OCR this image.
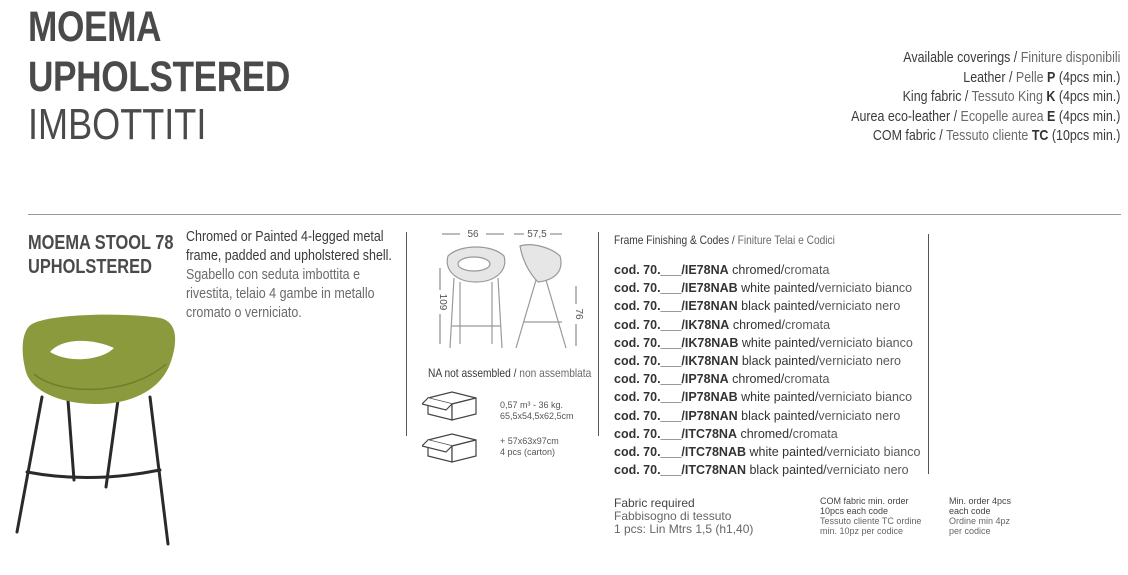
MOEMA
UPHOLSTERED
IMBOTTITI
Available coverings / Finiture disponibili
Leather / Pelle P (4pcs min.)
King fabric / Tessuto King K (4pcs min.)
Aurea eco-leather / Ecopelle aurea E (4pcs min.)
COM fabric / Tessuto cliente TC (10pcs min.)
MOEMA STOOL 78
UPHOLSTERED
Chromed or Painted 4-legged metal frame, padded and upholstered shell.
Sgabello con seduta imbottita e rivestita, telaio 4 gambe in metallo cromato o verniciato.
56	57,5
109
76
NA not assembled / non assemblata
0,57 m³ - 36 kg.
65,5x54,5x62,5cm
+ 57x63x97cm
4 pcs (carton)
Frame Finishing & Codes / Finiture Telai e Codici
cod. 70.___/IE78NA chromed/cromata
cod. 70.___/IE78NAB white painted/verniciato bianco
cod. 70.___/IE78NAN black painted/verniciato nero
cod. 70.___/IK78NA chromed/cromata
cod. 70.___/IK78NAB white painted/verniciato bianco
cod. 70.___/IK78NAN black painted/verniciato nero
cod. 70.___/IP78NA chromed/cromata
cod. 70.___/IP78NAB white painted/verniciato bianco
cod. 70.___/IP78NAN black painted/verniciato nero
cod. 70.___/ITC78NA chromed/cromata
cod. 70.___/ITC78NAB white painted/verniciato bianco
cod. 70.___/ITC78NAN black painted/verniciato nero
Fabric required
Fabbisogno di tessuto
1 pcs: Lin Mtrs 1,5 (h1,40)
COM fabric min. order
10pcs each code
Tessuto cliente TC ordine
min. 10pz per codice
Min. order 4pcs
each code
Ordine min 4pz
per codice
